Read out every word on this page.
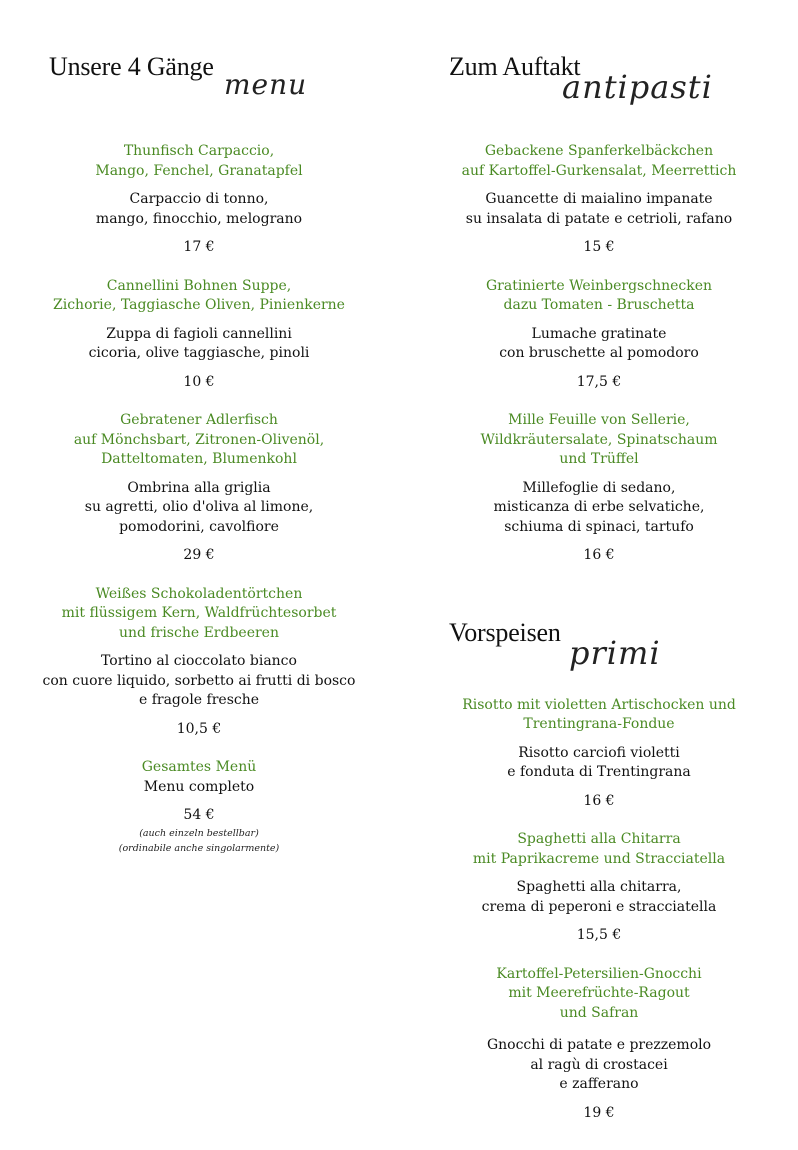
Unsere 4 Gänge
menu
Thunfisch Carpaccio,
Mango, Fenchel, Granatapfel
Carpaccio di tonno,
mango, finocchio, melograno
17 €
Cannellini Bohnen Suppe,
Zichorie, Taggiasche Oliven, Pinienkerne
Zuppa di fagioli cannellini
cicoria, olive taggiasche, pinoli
10 €
Gebratener Adlerfisch
auf Mönchsbart, Zitronen-Olivenöl,
Datteltomaten, Blumenkohl
Ombrina alla griglia
su agretti, olio d'oliva al limone,
pomodorini, cavolfiore
29 €
Weißes Schokoladentörtchen
mit flüssigem Kern, Waldfrüchtesorbet
und frische Erdbeeren
Tortino al cioccolato bianco
con cuore liquido, sorbetto ai frutti di bosco
e fragole fresche
10,5 €
Gesamtes Menü
Menu completo
54 €
(auch einzeln bestellbar)
(ordinabile anche singolarmente)
Zum Auftakt
antipasti
Gebackene Spanferkelbäckchen
auf Kartoffel-Gurkensalat, Meerrettich
Guancette di maialino impanate
su insalata di patate e cetrioli, rafano
15 €
Gratinierte Weinbergschnecken
dazu Tomaten - Bruschetta
Lumache gratinate
con bruschette al pomodoro
17,5 €
Mille Feuille von Sellerie,
Wildkräutersalate, Spinatschaum
und Trüffel
Millefoglie di sedano,
misticanza di erbe selvatiche,
schiuma di spinaci, tartufo
16 €
Vorspeisen
primi
Risotto mit violetten Artischocken und
Trentingrana-Fondue
Risotto carciofi violetti
e fonduta di Trentingrana
16 €
Spaghetti alla Chitarra
mit Paprikacreme und Stracciatella
Spaghetti alla chitarra,
crema di peperoni e stracciatella
15,5 €
Kartoffel-Petersilien-Gnocchi
mit Meerefrüchte-Ragout
und Safran
Gnocchi di patate e prezzemolo
al ragù di crostacei
e zafferano
19 €
